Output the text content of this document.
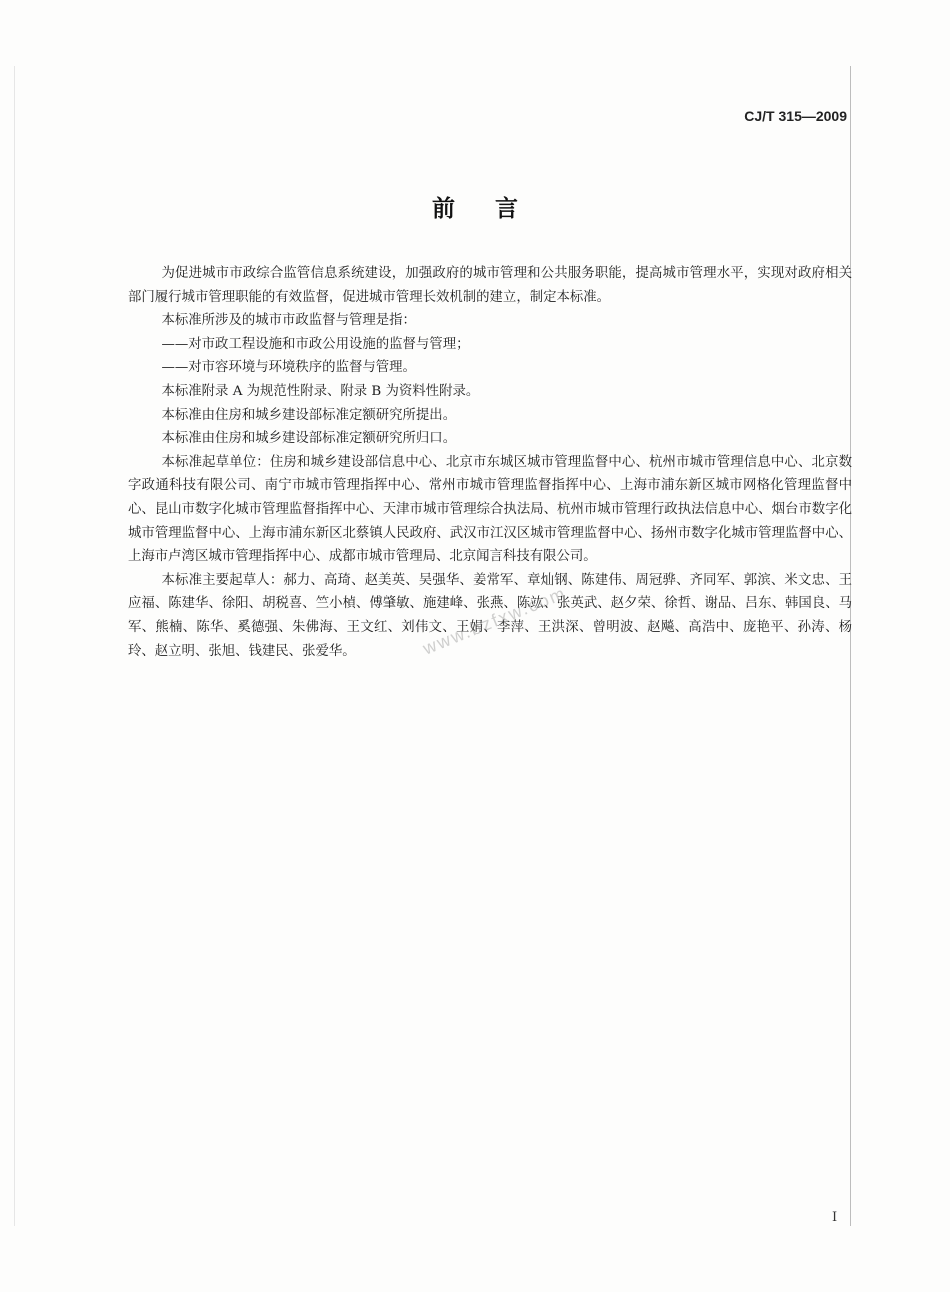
CJ/T 315—2009
前言

为促进城市市政综合监管信息系统建设，加强政府的城市管理和公共服务职能，提高城市管理水平，实现对政府相关部门履行城市管理职能的有效监督，促进城市管理长效机制的建立，制定本标准。

本标准所涉及的城市市政监督与管理是指：

——对市政工程设施和市政公用设施的监督与管理；

——对市容环境与环境秩序的监督与管理。

本标准附录 A 为规范性附录、附录 B 为资料性附录。

本标准由住房和城乡建设部标准定额研究所提出。

本标准由住房和城乡建设部标准定额研究所归口。

本标准起草单位：住房和城乡建设部信息中心、北京市东城区城市管理监督中心、杭州市城市管理信息中心、北京数字政通科技有限公司、南宁市城市管理指挥中心、常州市城市管理监督指挥中心、上海市浦东新区城市网格化管理监督中心、昆山市数字化城市管理监督指挥中心、天津市城市管理综合执法局、杭州市城市管理行政执法信息中心、烟台市数字化城市管理监督中心、上海市浦东新区北蔡镇人民政府、武汉市江汉区城市管理监督中心、扬州市数字化城市管理监督中心、上海市卢湾区城市管理指挥中心、成都市城市管理局、北京闻言科技有限公司。

本标准主要起草人：郝力、高琦、赵美英、吴强华、姜常军、章灿钢、陈建伟、周冠骅、齐同军、郭滨、米文忠、王应福、陈建华、徐阳、胡税喜、竺小楨、傅肇敏、施建峰、张燕、陈竑、张英武、赵夕荣、徐哲、谢品、吕东、韩国良、马军、熊楠、陈华、奚德强、朱佛海、王文红、刘伟文、王娟、李萍、王洪深、曾明波、赵飚、高浩中、庞艳平、孙涛、杨玲、赵立明、张旭、钱建民、张爱华。	www.bzfxw.com
I
